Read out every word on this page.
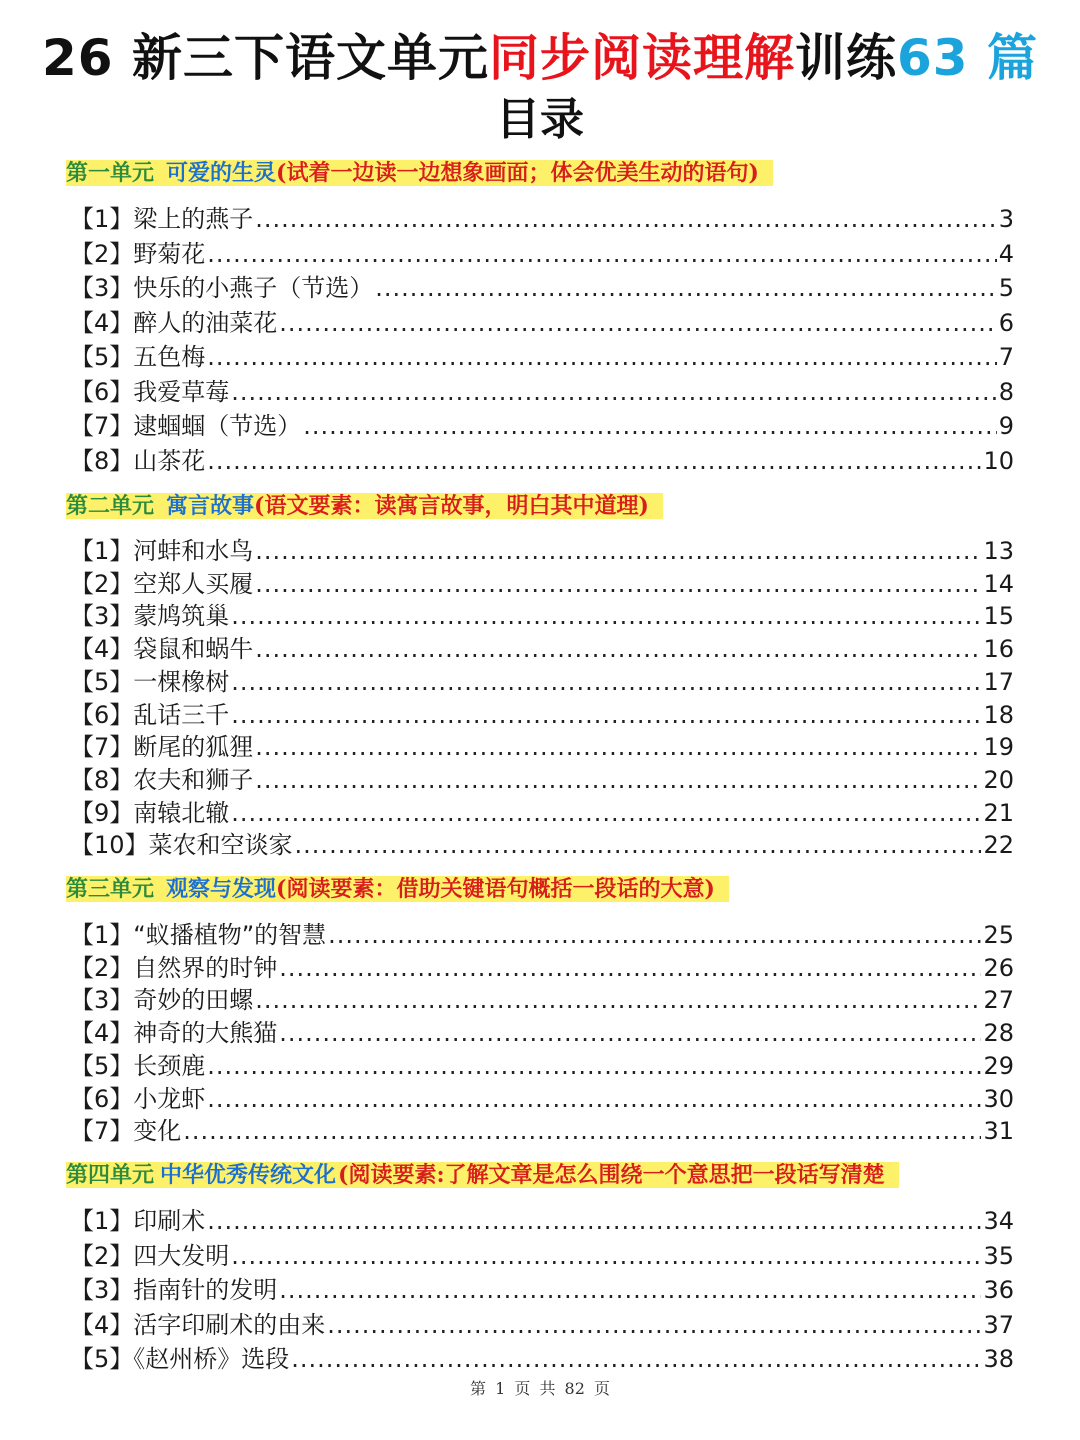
26 新三下语文单元同步阅读理解训练63 篇
目录
第一单元 可爱的生灵(试着一边读一边想象画面；体会优美生动的语句)
【1】梁上的燕子 .....	3
【2】野菊花 .....	4
【3】快乐的小燕子（节选） .....	5
【4】醉人的油菜花 .....	6
【5】五色梅 .....	7
【6】我爱草莓 .....	8
【7】逮蝈蝈（节选） .....	9
【8】山茶花 .....	10
第二单元 寓言故事(语文要素：读寓言故事，明白其中道理)
【1】河蚌和水鸟 .....	13
【2】空郑人买履 .....	14
【3】蒙鸠筑巢 .....	15
【4】袋鼠和蜗牛 .....	16
【5】一棵橡树 .....	17
【6】乱话三千 .....	18
【7】断尾的狐狸 .....	19
【8】农夫和狮子 .....	20
【9】南辕北辙 .....	21
【10】菜农和空谈家 .....	22
第三单元 观察与发现(阅读要素：借助关键语句概括一段话的大意)
【1】“蚁播植物”的智慧 .....	25
【2】自然界的时钟 .....	26
【3】奇妙的田螺 .....	27
【4】神奇的大熊猫 .....	28
【5】长颈鹿 .....	29
【6】小龙虾 .....	30
【7】变化 .....	31
第四单元 中华优秀传统文化(阅读要素:了解文章是怎么围绕一个意思把一段话写清楚
【1】印刷术 .....	34
【2】四大发明 .....	35
【3】指南针的发明 .....	36
【4】活字印刷术的由来 .....	37
【5】《赵州桥》选段 .....	38
第 1 页 共 82 页
